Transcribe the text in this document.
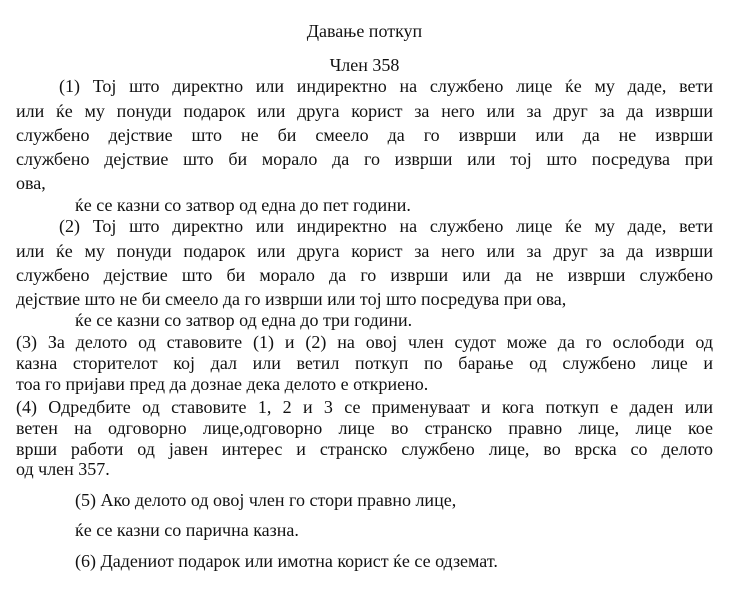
Давање поткуп
Член 358
(1) Тој што директно или индиректно на службено лице ќе му даде, вети
или ќе му понуди подарок или друга корист за него или за друг за да изврши
службено дејствие што не би смеело да го изврши или да не изврши
службено дејствие што би морало да го изврши или тој што посредува при
ова,
ќе се казни со затвор од една до пет години.
(2) Тој што директно или индиректно на службено лице ќе му даде, вети
или ќе му понуди подарок или друга корист за него или за друг за да изврши
службено дејствие што би морало да го изврши или да не изврши службено
дејствие што не би смеело да го изврши или тој што посредува при ова,
ќе се казни со затвор од една до три години.
(3) За делото од ставовите (1) и (2) на овој член судот може да го ослободи од
казна сторителот кој дал или ветил поткуп по барање од службено лице и
тоа го пријави пред да дознае дека делото е откриено.
(4) Одредбите од ставовите 1, 2 и 3 се применуваат и кога поткуп е даден или
ветен на одговорно лице,одговорно лице во странско правно лице, лице кое
врши работи од јавен интерес и странско службено лице, во врска со делото
од член 357.
(5) Ако делото од овој член го стори правно лице,
ќе се казни со парична казна.
(6) Дадениот подарок или имотна корист ќе се одземат.
